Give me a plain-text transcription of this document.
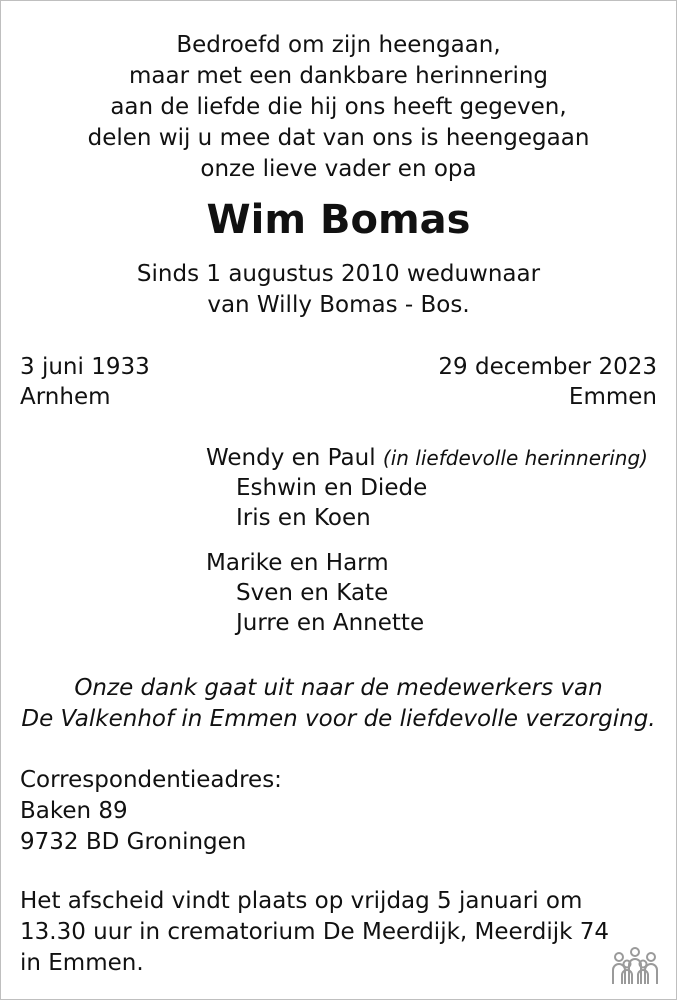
Bedroefd om zijn heengaan,
maar met een dankbare herinnering
aan de liefde die hij ons heeft gegeven,
delen wij u mee dat van ons is heengegaan
onze lieve vader en opa
Wim Bomas
Sinds 1 augustus 2010 weduwnaar
van Willy Bomas - Bos.
3 juni 1933
Arnhem
29 december 2023
Emmen
Wendy en Paul (in liefdevolle herinnering)
Eshwin en Diede
Iris en Koen
Marike en Harm
Sven en Kate
Jurre en Annette
Onze dank gaat uit naar de medewerkers van
De Valkenhof in Emmen voor de liefdevolle verzorging.
Correspondentieadres:
Baken 89
9732 BD Groningen
Het afscheid vindt plaats op vrijdag 5 januari om
13.30 uur in crematorium De Meerdijk, Meerdijk 74
in Emmen.
